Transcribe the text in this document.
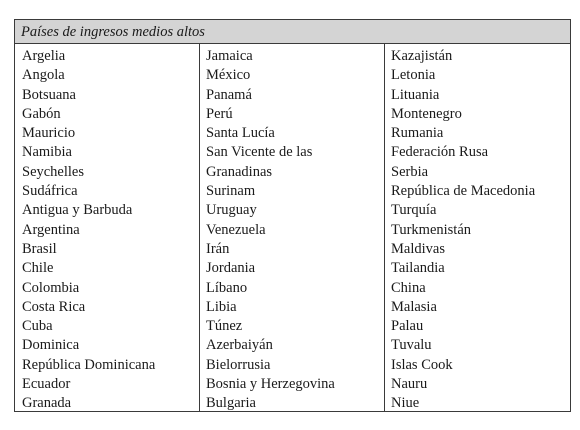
Países de ingresos medios altos
Argelia
Angola
Botsuana
Gabón
Mauricio
Namibia
Seychelles
Sudáfrica
Antigua y Barbuda
Argentina
Brasil
Chile
Colombia
Costa Rica
Cuba
Dominica
República Dominicana
Ecuador
Granada
Jamaica
México
Panamá
Perú
Santa Lucía
San Vicente de las
Granadinas
Surinam
Uruguay
Venezuela
Irán
Jordania
Líbano
Libia
Túnez
Azerbaiyán
Bielorrusia
Bosnia y Herzegovina
Bulgaria
Kazajistán
Letonia
Lituania
Montenegro
Rumania
Federación Rusa
Serbia
República de Macedonia
Turquía
Turkmenistán
Maldivas
Tailandia
China
Malasia
Palau
Tuvalu
Islas Cook
Nauru
Niue
